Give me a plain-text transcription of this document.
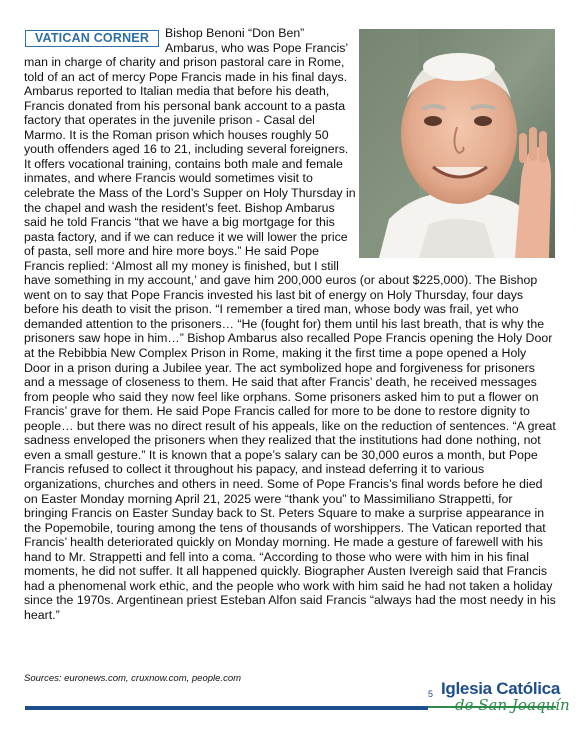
Bishop Benoni “Don Ben” Ambarus, who was Pope Francis’ man in charge of charity and prison pastoral care in Rome, told of an act of mercy Pope Francis made in his final days. Ambarus reported to Italian media that before his death, Francis donated from his personal bank account to a pasta factory that operates in the juvenile prison - Casal del Marmo. It is the Roman prison which houses roughly 50 youth offenders aged 16 to 21, including several foreigners. It offers vocational training, contains both male and female inmates, and where Francis would sometimes visit to celebrate the Mass of the Lord’s Supper on Holy Thursday in the chapel and wash the resident’s feet. Bishop Ambarus said he told Francis “that we have a big mortgage for this pasta factory, and if we can reduce it we will lower the price of pasta, sell more and hire more boys.” He said Pope Francis replied: ‘Almost all my money is finished, but I still have something in my account,’ and gave him 200,000 euros (or about $225,000). The Bishop went on to say that Pope Francis invested his last bit of energy on Holy Thursday, four days before his death to visit the prison. “I remember a tired man, whose body was frail, yet who demanded attention to the prisoners… “He (fought for) them until his last breath, that is why the prisoners saw hope in him…” Bishop Ambarus also recalled Pope Francis opening the Holy Door at the Rebibbia New Complex Prison in Rome, making it the first time a pope opened a Holy Door in a prison during a Jubilee year. The act symbolized hope and forgiveness for prisoners and a message of closeness to them. He said that after Francis’ death, he received messages from people who said they now feel like orphans. Some prisoners asked him to put a flower on Francis’ grave for them. He said Pope Francis called for more to be done to restore dignity to people… but there was no direct result of his appeals, like on the reduction of sentences. “A great sadness enveloped the prisoners when they realized that the institutions had done nothing, not even a small gesture.” It is known that a pope’s salary can be 30,000 euros a month, but Pope Francis refused to collect it throughout his papacy, and instead deferring it to various organizations, churches and others in need. Some of Pope Francis’s final words before he died on Easter Monday morning April 21, 2025 were “thank you” to Massimiliano Strappetti, for bringing Francis on Easter Sunday back to St. Peters Square to make a surprise appearance in the Popemobile, touring among the tens of thousands of worshippers. The Vatican reported that Francis’ health deteriorated quickly on Monday morning. He made a gesture of farewell with his hand to Mr. Strappetti and fell into a coma. “According to those who were with him in his final moments, he did not suffer. It all happened quickly. Biographer Austen Ivereigh said that Francis had a phenomenal work ethic, and the people who work with him said he had not taken a holiday since the 1970s. Argentinean priest Esteban Alfon said Francis “always had the most needy in his heart.”

VATICAN CORNER
Sources: euronews.com, cruxnow.com, people.com
5 Iglesia Católica
de San Joaquín
